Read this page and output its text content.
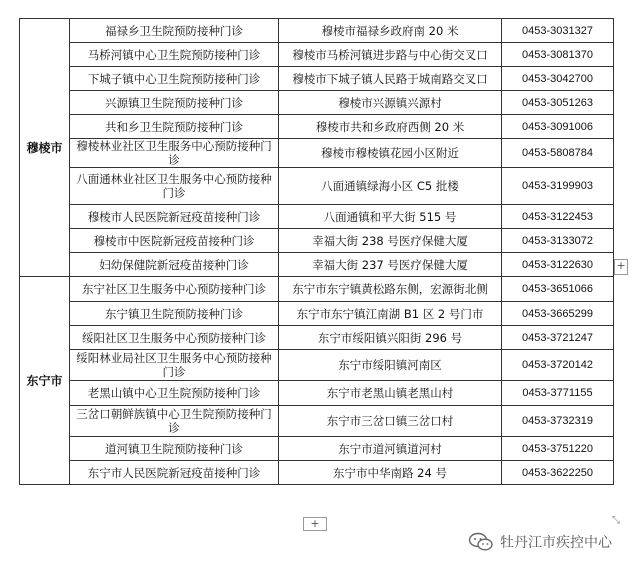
穆棱市	福禄乡卫生院预防接种门诊	穆棱市福禄乡政府南 20 米	0453-3031327
	马桥河镇中心卫生院预防接种门诊	穆棱市马桥河镇进步路与中心街交叉口	0453-3081370
	下城子镇中心卫生院预防接种门诊	穆棱市下城子镇人民路于城南路交叉口	0453-3042700
	兴源镇卫生院预防接种门诊	穆棱市兴源镇兴源村	0453-3051263
	共和乡卫生院预防接种门诊	穆棱市共和乡政府西侧 20 米	0453-3091006
	穆棱林业社区卫生服务中心预防接种门诊	穆棱市穆棱镇花园小区附近	0453-5808784
	八面通林业社区卫生服务中心预防接种门诊	八面通镇绿海小区 C5 批楼	0453-3199903
	穆棱市人民医院新冠疫苗接种门诊	八面通镇和平大街 515 号	0453-3122453
	穆棱市中医院新冠疫苗接种门诊	幸福大街 238 号医疗保健大厦	0453-3133072
	妇幼保健院新冠疫苗接种门诊	幸福大街 237 号医疗保健大厦	0453-3122630
东宁市	东宁社区卫生服务中心预防接种门诊	东宁市东宁镇黄松路东侧，宏源街北侧	0453-3651066
	东宁镇卫生院预防接种门诊	东宁市东宁镇江南湖 B1 区 2 号门市	0453-3665299
	绥阳社区卫生服务中心预防接种门诊	东宁市绥阳镇兴阳街 296 号	0453-3721247
	绥阳林业局社区卫生服务中心预防接种门诊	东宁市绥阳镇河南区	0453-3720142
	老黑山镇中心卫生院预防接种门诊	东宁市老黑山镇老黑山村	0453-3771155
	三岔口朝鲜族镇中心卫生院预防接种门诊	东宁市三岔口镇三岔口村	0453-3732319
	道河镇卫生院预防接种门诊	东宁市道河镇道河村	0453-3751220
	东宁市人民医院新冠疫苗接种门诊	东宁市中华南路 24 号	0453-3622250
+
+	⤡
牡丹江市疾控中心
